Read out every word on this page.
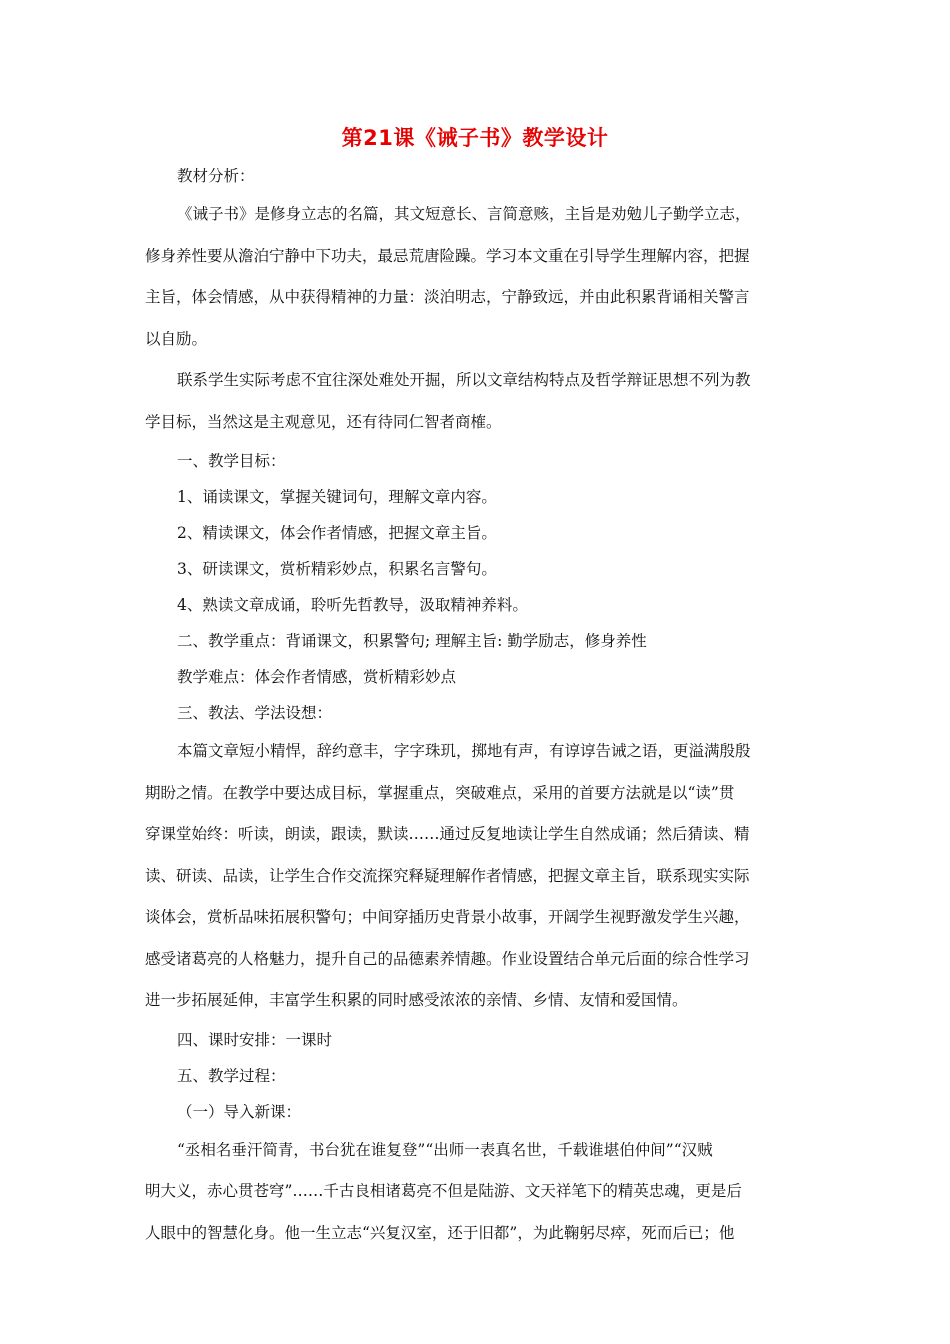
第21课《诫子书》教学设计
教材分析：
《诫子书》是修身立志的名篇，其文短意长、言简意赅，主旨是劝勉儿子勤学立志，
修身养性要从澹泊宁静中下功夫，最忌荒唐险躁。学习本文重在引导学生理解内容，把握
主旨，体会情感，从中获得精神的力量：淡泊明志，宁静致远，并由此积累背诵相关警言
以自励。
联系学生实际考虑不宜往深处难处开掘，所以文章结构特点及哲学辩证思想不列为教
学目标，当然这是主观意见，还有待同仁智者商榷。
一、教学目标：
1、诵读课文，掌握关键词句，理解文章内容。
2、精读课文，体会作者情感，把握文章主旨。
3、研读课文，赏析精彩妙点，积累名言警句。
4、熟读文章成诵，聆听先哲教导，汲取精神养料。
二、教学重点：背诵课文，积累警句; 理解主旨: 勤学励志，修身养性
教学难点：体会作者情感，赏析精彩妙点
三、教法、学法设想：
本篇文章短小精悍，辞约意丰，字字珠玑，掷地有声，有谆谆告诫之语，更溢满殷殷
期盼之情。在教学中要达成目标，掌握重点，突破难点，采用的首要方法就是以“读”贯
穿课堂始终：听读，朗读，跟读，默读……通过反复地读让学生自然成诵；然后猜读、精
读、研读、品读，让学生合作交流探究释疑理解作者情感，把握文章主旨，联系现实实际
谈体会，赏析品味拓展积警句；中间穿插历史背景小故事，开阔学生视野激发学生兴趣，
感受诸葛亮的人格魅力，提升自己的品德素养情趣。作业设置结合单元后面的综合性学习
进一步拓展延伸，丰富学生积累的同时感受浓浓的亲情、乡情、友情和爱国情。
四、课时安排：一课时
五、教学过程：
（一）导入新课：
“丞相名垂汗简青，书台犹在谁复登”“出师一表真名世，千载谁堪伯仲间”“汉贼
明大义，赤心贯苍穹”……千古良相诸葛亮不但是陆游、文天祥笔下的精英忠魂，更是后
人眼中的智慧化身。他一生立志“兴复汉室，还于旧都”，为此鞠躬尽瘁，死而后已；他
